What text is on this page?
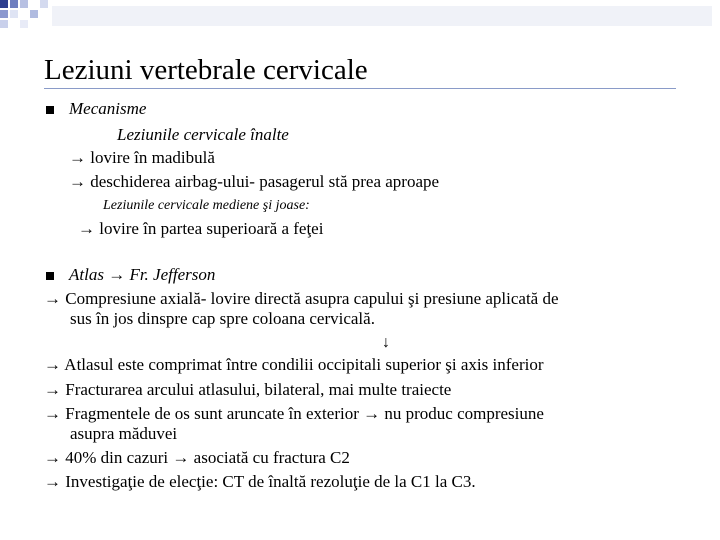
Leziuni vertebrale cervicale
Mecanisme
Leziunile cervicale înalte
→ lovire în madibulă
→ deschiderea airbag-ului- pasagerul stă prea aproape
Leziunile cervicale mediene şi joase:
→ lovire în partea superioară a feţei
Atlas → Fr. Jefferson
→ Compresiune axială- lovire directă asupra capului şi presiune aplicată de
sus în jos dinspre cap spre coloana cervicală.
↓
→ Atlasul este comprimat între condilii occipitali superior şi axis inferior
→ Fracturarea arcului atlasului, bilateral, mai multe traiecte
→ Fragmentele de os sunt aruncate în exterior → nu produc compresiune
asupra măduvei
→ 40% din cazuri → asociată cu fractura C2
→ Investigaţie de elecţie: CT de înaltă rezoluţie de la C1 la C3.
